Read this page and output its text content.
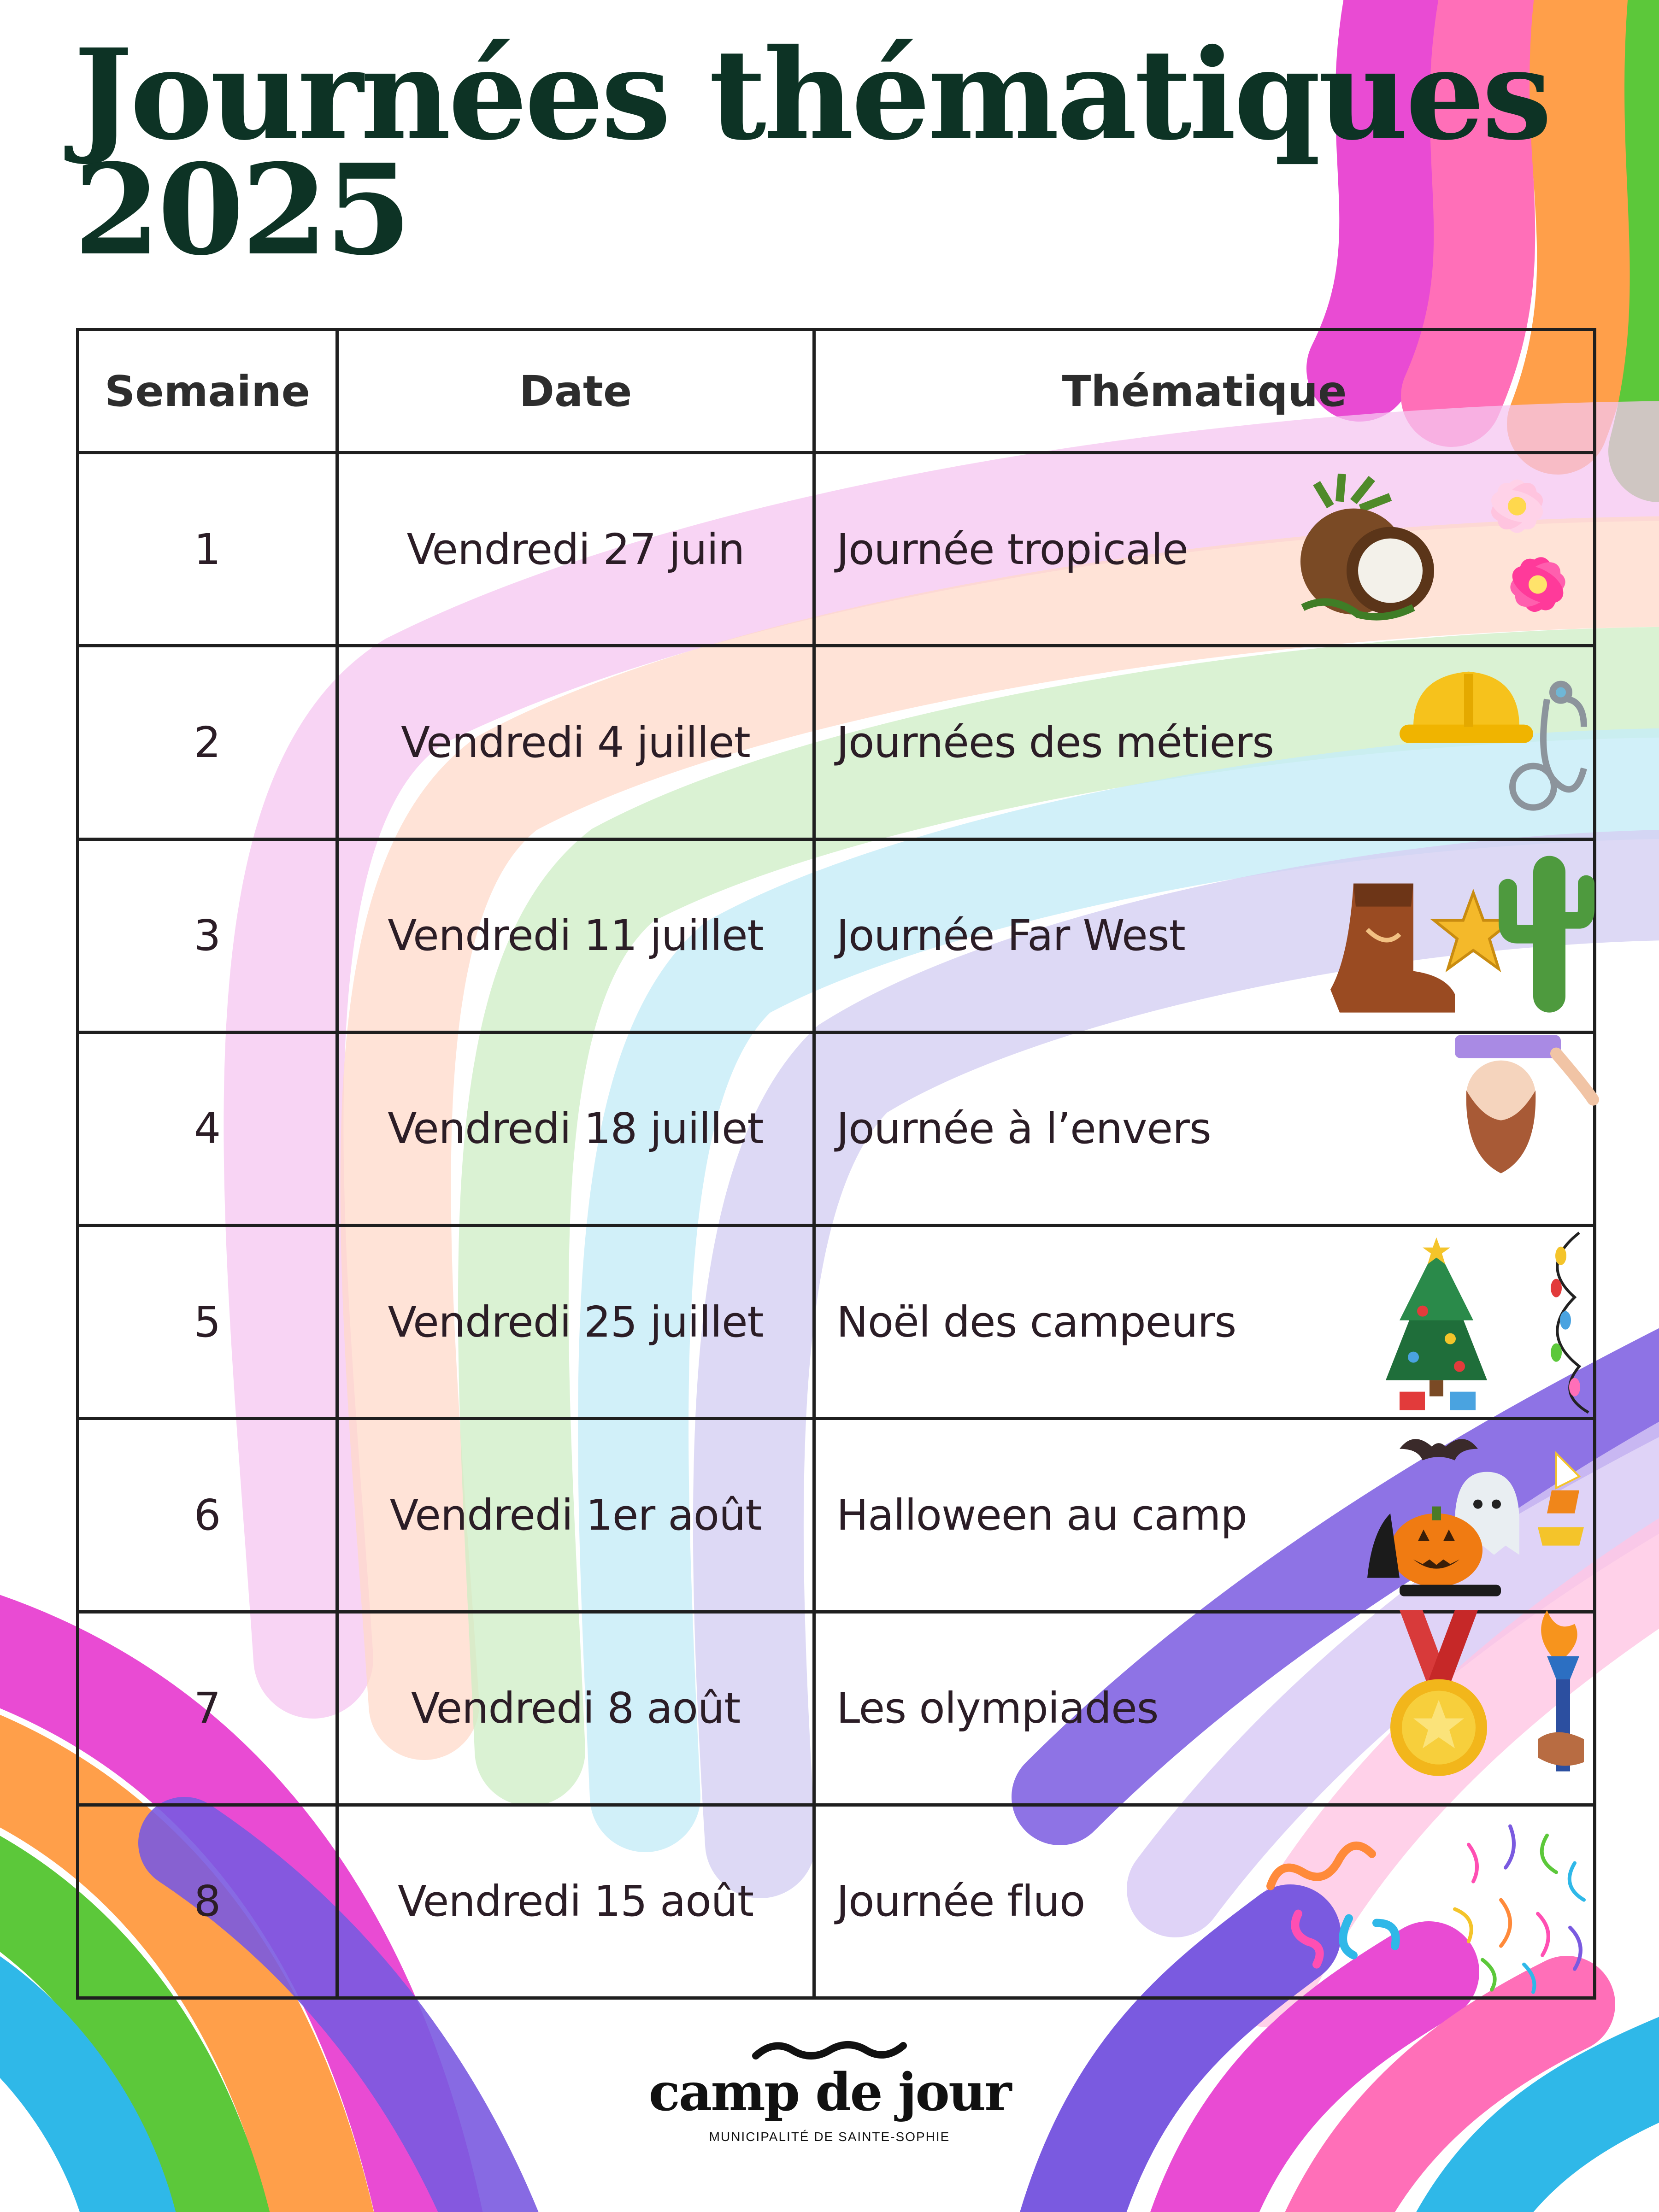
Journées thématiques
2025
Semaine	Date	Thématique
1	Vendredi 27 juin	Journée tropicale

2	Vendredi 4 juillet	Journées des métiers

3	Vendredi 11 juillet	Journée Far West

4	Vendredi 18 juillet	Journée à l’envers

5	Vendredi 25 juillet	Noël des campeurs

6	Vendredi 1er août	Halloween au camp

7	Vendredi 8 août	Les olympiades

8	Vendredi 15 août	Journée fluo
camp de jour
MUNICIPALITÉ DE SAINTE-SOPHIE
